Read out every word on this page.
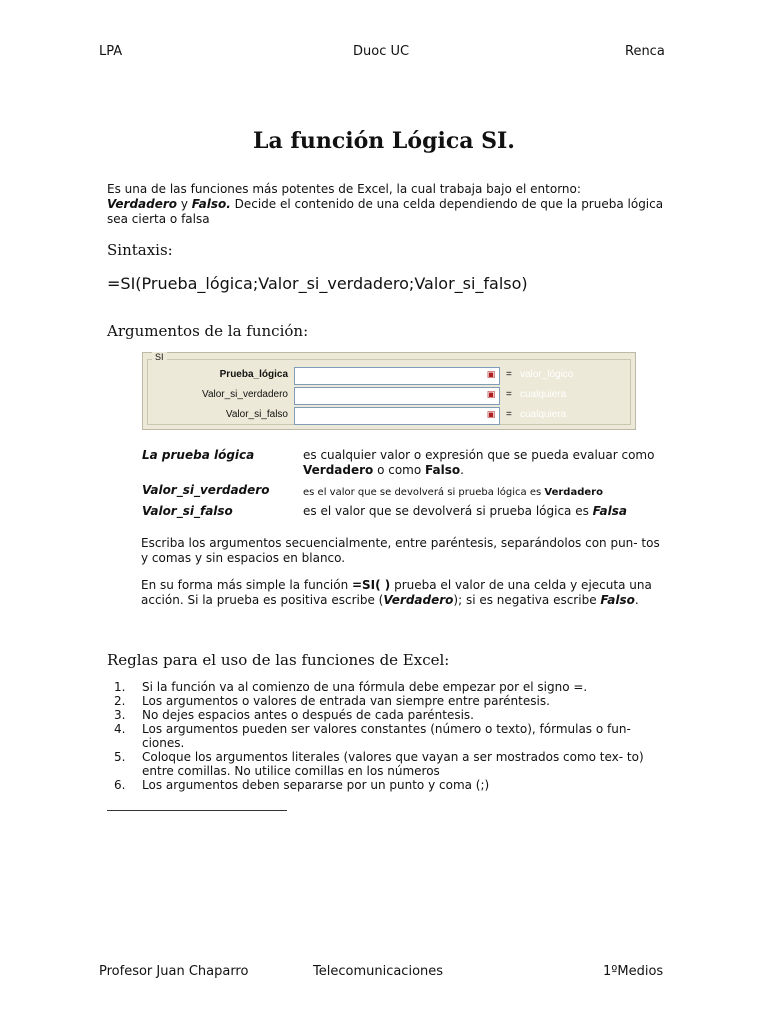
LPA	Duoc UC	Renca
La función Lógica SI.
Es una de las funciones más potentes de Excel, la cual trabaja bajo el entorno:
Verdadero y Falso. Decide el contenido de una celda dependiendo de que la prueba lógica sea cierta o falsa
Sintaxis:
=SI(Prueba_lógica;Valor_si_verdadero;Valor_si_falso)
Argumentos de la función:
SI
Prueba_lógica	▣ = valor_lógico
Valor_si_verdadero	▣ = cualquiera
Valor_si_falso	▣ = cualquiera
La prueba lógica	es cualquier valor o expresión que se pueda evaluar como Verdadero o como Falso.
Valor_si_verdadero	es el valor que se devolverá si prueba lógica es Verdadero
Valor_si_falso	es el valor que se devolverá si prueba lógica es Falsa
Escriba los argumentos secuencialmente, entre paréntesis, separándolos con pun- tos y comas y sin espacios en blanco.
En su forma más simple la función =SI( ) prueba el valor de una celda y ejecuta una acción. Si la prueba es positiva escribe (Verdadero); si es negativa escribe Falso.
Reglas para el uso de las funciones de Excel:
1. Si la función va al comienzo de una fórmula debe empezar por el signo =.
2. Los argumentos o valores de entrada van siempre entre paréntesis.
3. No dejes espacios antes o después de cada paréntesis.
4. Los argumentos pueden ser valores constantes (número o texto), fórmulas o fun- ciones.
5. Coloque los argumentos literales (valores que vayan a ser mostrados como tex- to) entre comillas. No utilice comillas en los números
6. Los argumentos deben separarse por un punto y coma (;)
Profesor Juan Chaparro	Telecomunicaciones	1ºMedios
